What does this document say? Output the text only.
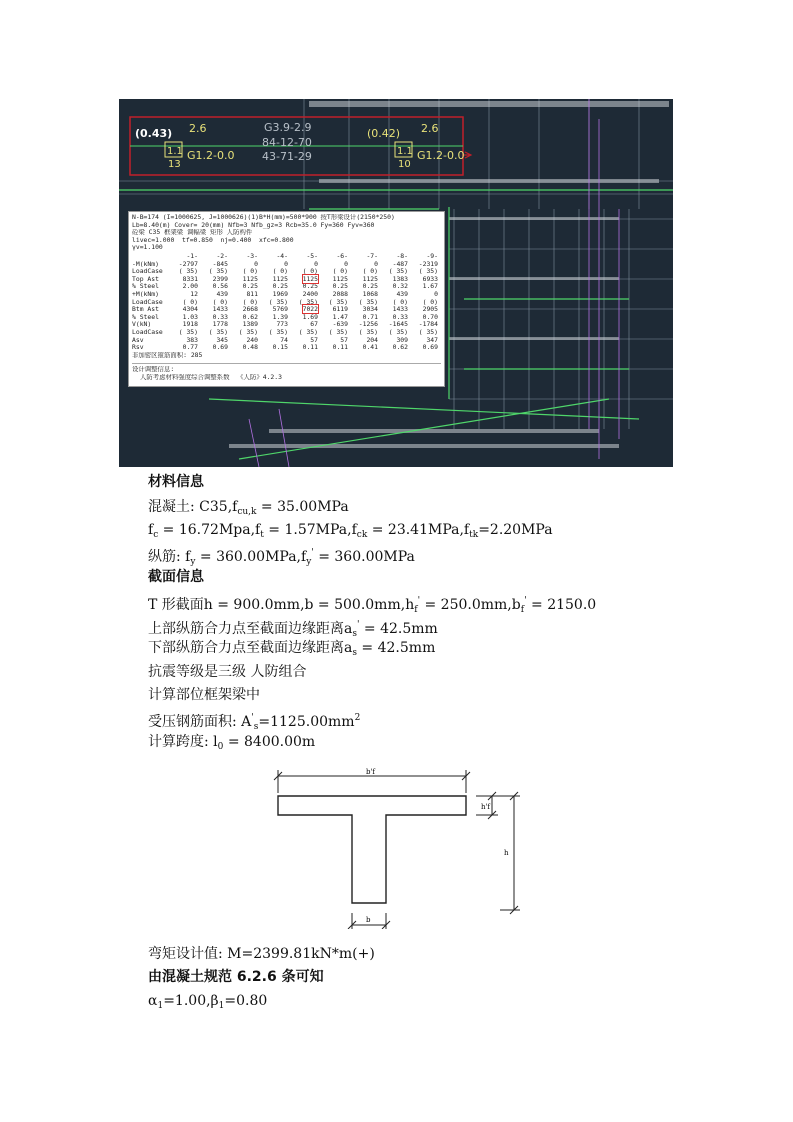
(0.43) 2.6
1.1
13
G1.2-0.0
G3.9-2.9
84-12-70
43-71-29
(0.42) 2.6
1.1
10
G1.2-0.0
N-B=174 (I=1000625, J=1000626)(1)B*H(mm)=500*900 按T形梁设计(2150*250)
Lb=8.40(m) Cover= 20(mm) Nfb=3 Nfb_gz=3 Rcb=35.0 Fy=360 Fyv=360
砼梁 C35 框架梁 调幅梁 矩形 人防构件
livec=1.000  tf=0.850  nj=0.400  xfc=0.800
γv=1.100
	-1-	-2-	-3-	-4-	-5-	-6-	-7-	-8-	-9-
-M(kNm)	-2797	-845	0	0	0	0	0	-487	-2319
LoadCase	( 35)	( 35)	( 0)	( 0)	( 0)	( 0)	( 0)	( 35)	( 35)
Top Ast	8331	2399	1125	1125	1125	1125	1125	1383	6933
% Steel	2.00	0.56	0.25	0.25	0.25	0.25	0.25	0.32	1.67
+M(kNm)	12	439	811	1969	2400	2088	1068	439	0
LoadCase	( 0)	( 0)	( 0)	( 35)	( 35)	( 35)	( 35)	( 0)	( 0)
Btm Ast	4304	1433	2668	5769	7022	6119	3034	1433	2905
% Steel	1.03	0.33	0.62	1.39	1.69	1.47	0.71	0.33	0.70
V(kN)	1918	1778	1389	773	67	-639	-1256	-1645	-1784
LoadCase	( 35)	( 35)	( 35)	( 35)	( 35)	( 35)	( 35)	( 35)	( 35)
Asv	383	345	240	74	57	57	204	309	347
Rsv	0.77	0.69	0.48	0.15	0.11	0.11	0.41	0.62	0.69
非加密区箍筋面积: 285
设计调整信息:
人防考虑材料强度综合调整系数  《人防》4.2.3
材料信息
混凝土: $C35,f_{cu,k} = 35.00MPa$
$f_c = 16.72Mpa,f_t = 1.57MPa,f_{ck} = 23.41MPa,f_{tk}=2.20MPa$
纵筋: $f_y = 360.00MPa,f_y' = 360.00MPa$
截面信息
T 形截面$h = 900.0mm,b = 500.0mm,h_f' = 250.0mm,b_f' = 2150.0$
上部纵筋合力点至截面边缘距离$a_s' = 42.5mm$
下部纵筋合力点至截面边缘距离$a_s = 42.5mm$
抗震等级是三级 人防组合
计算部位框架梁中
受压钢筋面积: $A'_s=1125.00mm^2$
计算跨度: $l_0 = 8400.00m$
b'f
h'f
h
b
弯矩设计值: M=2399.81kN*m(+)
由混凝土规范 6.2.6 条可知
$\alpha_1=1.00,\beta_1=0.80$
